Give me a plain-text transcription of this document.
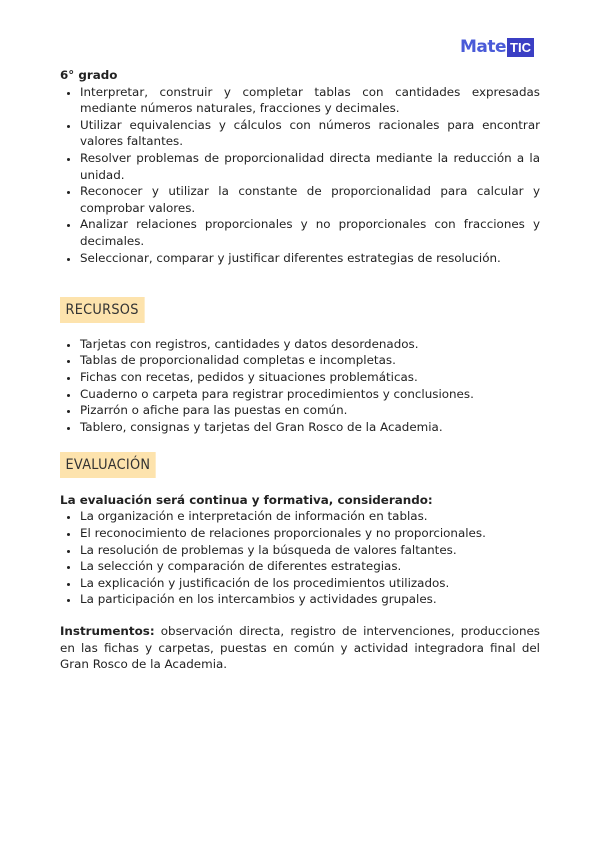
Mate TIC

6° grado

• Interpretar, construir y completar tablas con cantidades expresadas mediante números naturales, fracciones y decimales.
• Utilizar equivalencias y cálculos con números racionales para encontrar valores faltantes.
• Resolver problemas de proporcionalidad directa mediante la reducción a la unidad.
• Reconocer y utilizar la constante de proporcionalidad para calcular y comprobar valores.
• Analizar relaciones proporcionales y no proporcionales con fracciones y decimales.
• Seleccionar, comparar y justificar diferentes estrategias de resolución.
RECURSOS
• Tarjetas con registros, cantidades y datos desordenados.
• Tablas de proporcionalidad completas e incompletas.
• Fichas con recetas, pedidos y situaciones problemáticas.
• Cuaderno o carpeta para registrar procedimientos y conclusiones.
• Pizarrón o afiche para las puestas en común.
• Tablero, consignas y tarjetas del Gran Rosco de la Academia.
EVALUACIÓN

La evaluación será continua y formativa, considerando:

• La organización e interpretación de información en tablas.
• El reconocimiento de relaciones proporcionales y no proporcionales.
• La resolución de problemas y la búsqueda de valores faltantes.
• La selección y comparación de diferentes estrategias.
• La explicación y justificación de los procedimientos utilizados.
• La participación en los intercambios y actividades grupales.

Instrumentos: observación directa, registro de intervenciones, producciones en las fichas y carpetas, puestas en común y actividad integradora final del Gran Rosco de la Academia.
